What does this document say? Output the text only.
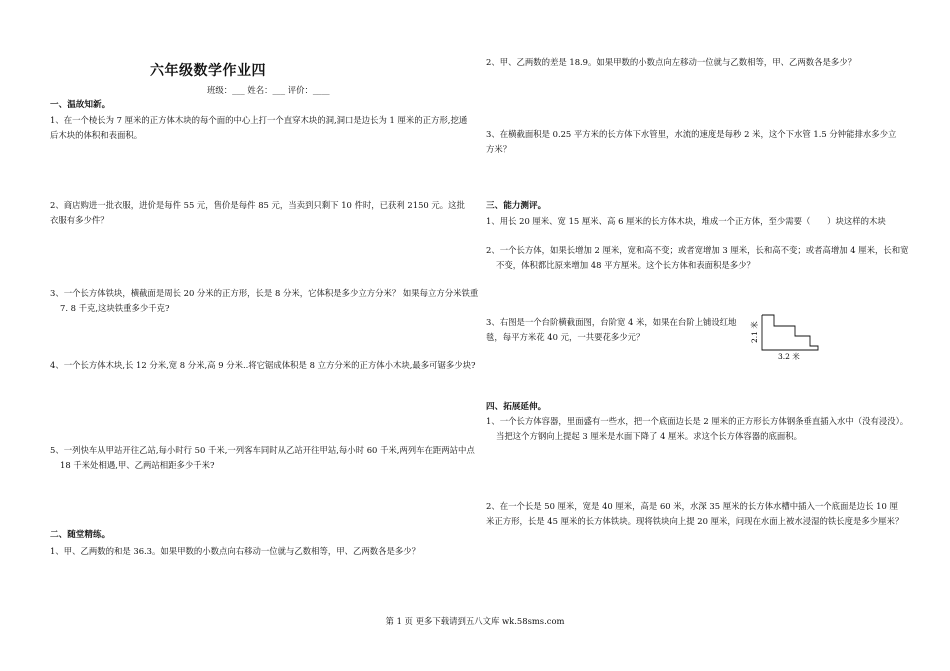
六年级数学作业四
班级：___ 姓名：___ 评价：____
一、温故知新。
1、在一个棱长为 7 厘米的正方体木块的每个面的中心上打一个直穿木块的洞,洞口是边长为 1 厘米的正方形,挖通后木块的体积和表面积。
2、商店购进一批衣服，进价是每件 55 元，售价是每件 85 元，当卖到只剩下 10 件时，已获利 2150 元。这批衣服有多少件？
3、一个长方体铁块，横截面是周长 20 分米的正方形，长是 8 分米，它体积是多少立方分米？ 如果每立方分米铁重 7. 8 千克,这块铁重多少千克?
4、一个长方体木块,长 12 分米,宽 8 分米,高 9 分米..将它锯成体积是 8 立方分米的正方体小木块,最多可锯多少块?
5、一列快车从甲站开往乙站,每小时行 50 千米,一列客车同时从乙站开往甲站,每小时 60 千米,两列车在距两站中点 18 千米处相遇,甲、乙两站相距多少千米?
二、随堂精练。
1、甲、乙两数的和是 36.3。如果甲数的小数点向右移动一位就与乙数相等，甲、乙两数各是多少？
2、甲、乙两数的差是 18.9。如果甲数的小数点向左移动一位就与乙数相等，甲、乙两数各是多少？
3、在横截面积是 0.25 平方米的长方体下水管里，水流的速度是每秒 2 米，这个下水管 1.5 分钟能排水多少立方米？
三、能力测评。
1、用长 20 厘米、宽 15 厘米、高 6 厘米的长方体木块，堆成一个正方体，至少需要（　　）块这样的木块
2、一个长方体，如果长增加 2 厘米，宽和高不变；或者宽增加 3 厘米，长和高不变；或者高增加 4 厘米，长和宽不变，体积都比原来增加 48 平方厘米。这个长方体和表面积是多少？
3、右图是一个台阶横截面图，台阶宽 4 米，如果在台阶上铺设红地毯，每平方米花 40 元，一共要花多少元？	2.1 米
3.2 米
四、拓展延伸。
1、一个长方体容器，里面盛有一些水，把一个底面边长是 2 厘米的正方形长方体钢条垂直插入水中（没有浸没）。当把这个方钢向上提起 3 厘米是水面下降了 4 厘米。求这个长方体容器的底面积。
2、在一个长是 50 厘米，宽是 40 厘米，高是 60 米，水深 35 厘米的长方体水槽中插入一个底面是边长 10 厘米正方形，长是 45 厘米的长方体铁块。现将铁块向上提 20 厘米，问现在水面上被水浸湿的铁长度是多少厘米？
第 1 页 更多下载请到五八文库 wk.58sms.com
